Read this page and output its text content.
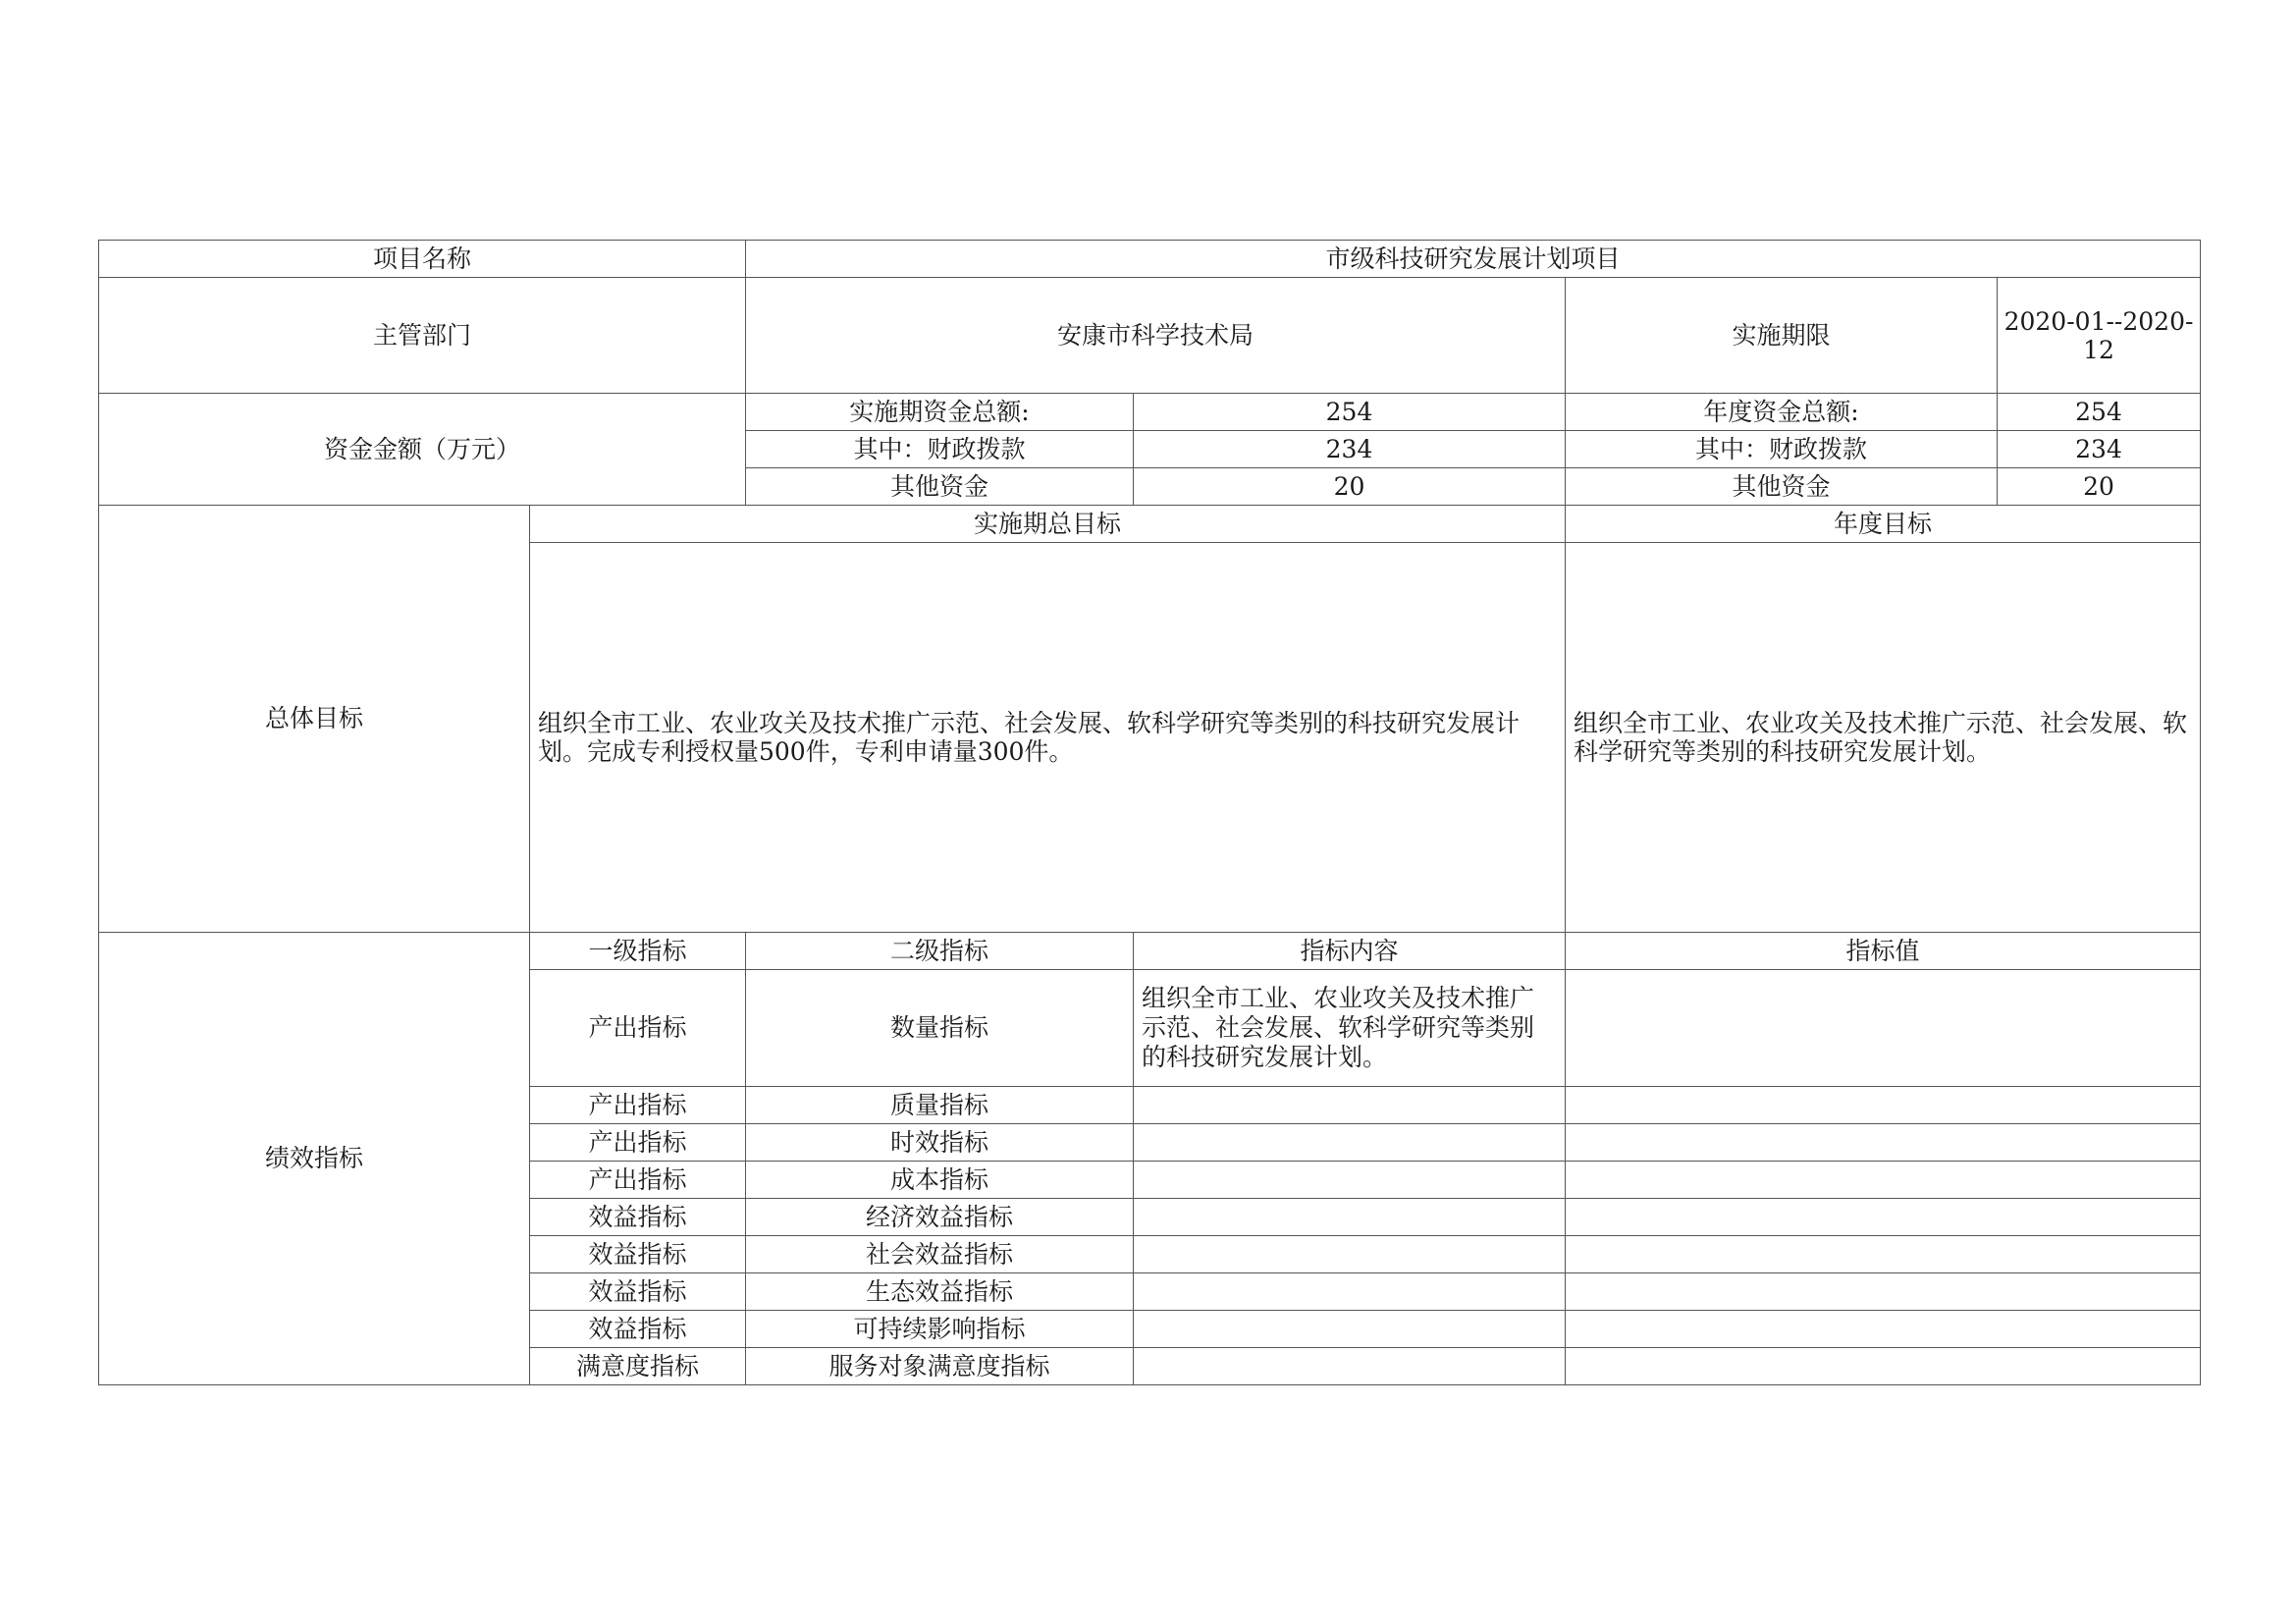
项目名称		市级科技研究发展计划项目			
主管部门		安康市科学技术局		实施期限	2020-01--2020-12
资金金额（万元）		实施期资金总额:	254	年度资金总额:	254
		其中：财政拨款	234	其中：财政拨款	234
		其他资金	20	其他资金	20
总体目标	实施期总目标			年度目标	
	组织全市工业、农业攻关及技术推广示范、社会发展、软科学研究等类别的科技研究发展计划。完成专利授权量500件，专利申请量300件。			组织全市工业、农业攻关及技术推广示范、社会发展、软科学研究等类别的科技研究发展计划。	
绩效指标	一级指标	二级指标	指标内容	指标值	
	产出指标	数量指标	组织全市工业、农业攻关及技术推广示范、社会发展、软科学研究等类别的科技研究发展计划。		
	产出指标	质量指标			
	产出指标	时效指标			
	产出指标	成本指标			
	效益指标	经济效益指标			
	效益指标	社会效益指标			
	效益指标	生态效益指标			
	效益指标	可持续影响指标			
	满意度指标	服务对象满意度指标			
